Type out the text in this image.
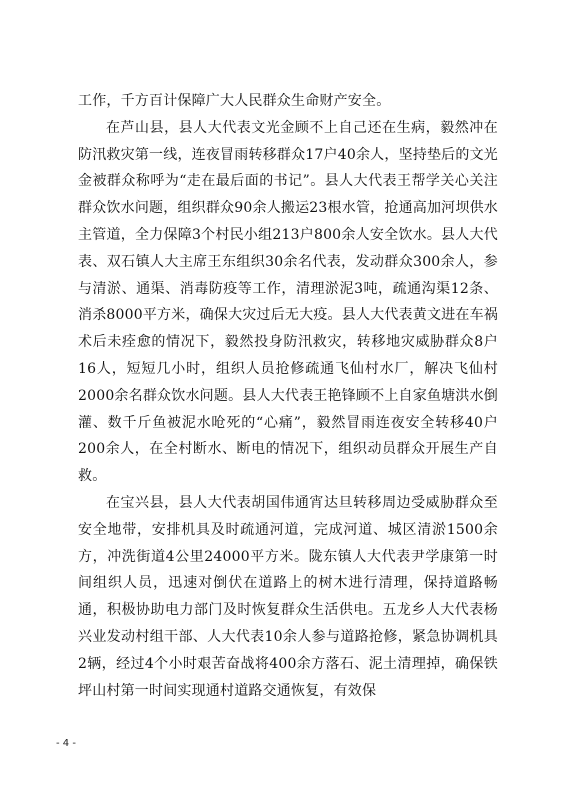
工作，千方百计保障广大人民群众生命财产安全。

在芦山县，县人大代表文光金顾不上自己还在生病，毅然冲在防汛救灾第一线，连夜冒雨转移群众17户40余人，坚持垫后的文光金被群众称呼为“走在最后面的书记”。县人大代表王帮学关心关注群众饮水问题，组织群众90余人搬运23根水管，抢通高加河坝供水主管道，全力保障3个村民小组213户800余人安全饮水。县人大代表、双石镇人大主席王东组织30余名代表，发动群众300余人，参与清淤、通渠、消毒防疫等工作，清理淤泥3吨，疏通沟渠12条、消杀8000平方米，确保大灾过后无大疫。县人大代表黄文进在车祸术后未痊愈的情况下，毅然投身防汛救灾，转移地灾威胁群众8户16人，短短几小时，组织人员抢修疏通飞仙村水厂，解决飞仙村2000余名群众饮水问题。县人大代表王艳锋顾不上自家鱼塘洪水倒灌、数千斤鱼被泥水呛死的“心痛”，毅然冒雨连夜安全转移40户200余人，在全村断水、断电的情况下，组织动员群众开展生产自救。

在宝兴县，县人大代表胡国伟通宵达旦转移周边受威胁群众至安全地带，安排机具及时疏通河道，完成河道、城区清淤1500余方，冲洗街道4公里24000平方米。陇东镇人大代表尹学康第一时间组织人员，迅速对倒伏在道路上的树木进行清理，保持道路畅通，积极协助电力部门及时恢复群众生活供电。五龙乡人大代表杨兴业发动村组干部、人大代表10余人参与道路抢修，紧急协调机具2辆，经过4个小时艰苦奋战将400余方落石、泥土清理掉，确保铁坪山村第一时间实现通村道路交通恢复，有效保

- 4 -
